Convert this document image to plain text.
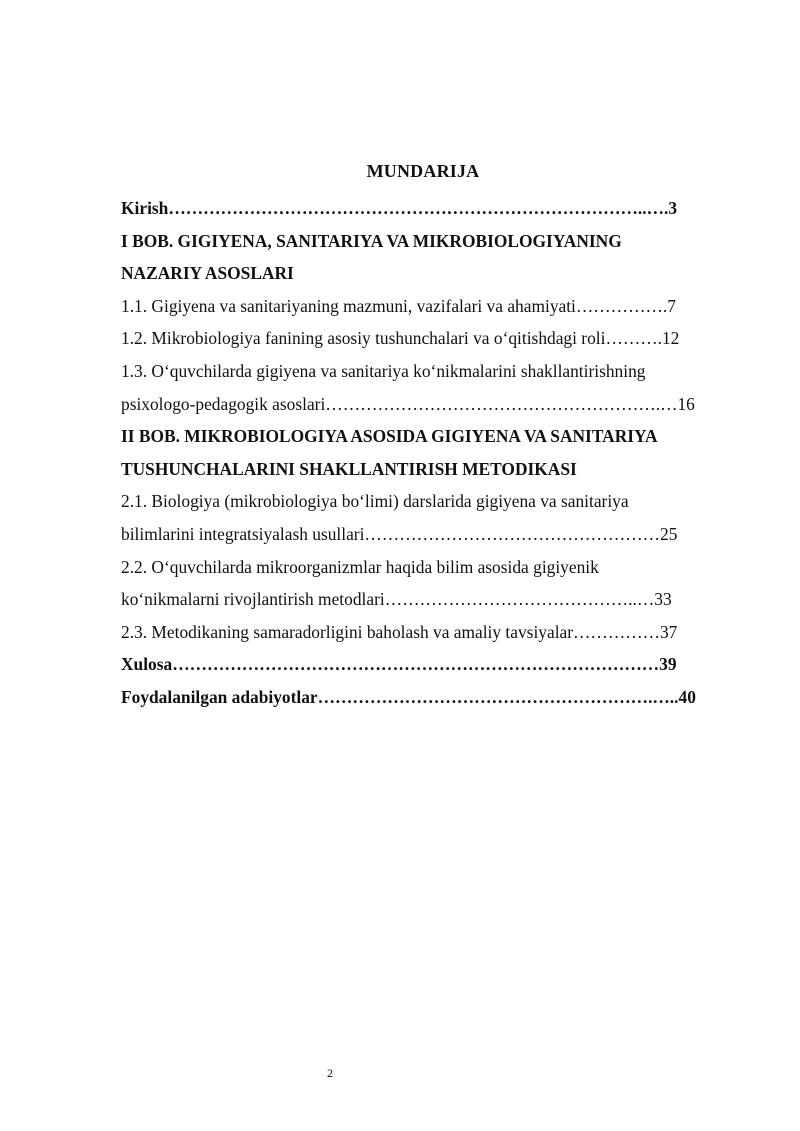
MUNDARIJA
Kirish………………………………………………………………………..….3
I BOB. GIGIYENA, SANITARIYA VA MIKROBIOLOGIYANING
NAZARIY ASOSLARI
1.1. Gigiyena va sanitariyaning mazmuni, vazifalari va ahamiyati…………….7
1.2. Mikrobiologiya fanining asosiy tushunchalari va oʻqitishdagi roli……….12
1.3. Oʻquvchilarda gigiyena va sanitariya koʻnikmalarini shakllantirishning
psixologo-pedagogik asoslari………………………………………………….…16
II BOB. MIKROBIOLOGIYA ASOSIDA GIGIYENA VA SANITARIYA
TUSHUNCHALARINI SHAKLLANTIRISH METODIKASI
2.1. Biologiya (mikrobiologiya boʻlimi) darslarida gigiyena va sanitariya
bilimlarini integratsiyalash usullari……………………………………………25
2.2. Oʻquvchilarda mikroorganizmlar haqida bilim asosida gigiyenik
koʻnikmalarni rivojlantirish metodlari……………………………………..…33
2.3. Metodikaning samaradorligini baholash va amaliy tavsiyalar……………37
Xulosa…………………………………………………………………………39
Foydalanilgan adabiyotlar………………………………………………….…..40
2
